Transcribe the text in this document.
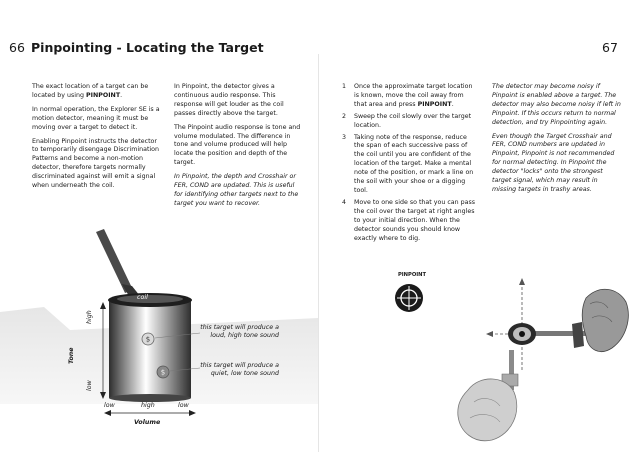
66 Pinpointing - Locating the Target	67

The exact location of a target can be located by using PINPOINT.

In normal operation, the Explorer SE is a motion detector, meaning it must be moving over a target to detect it.

Enabling Pinpoint instructs the detector to temporarily disengage Discrimination Patterns and become a non-motion detector, therefore targets normally discriminated against will emit a signal when underneath the coil.

In Pinpoint, the detector gives a continuous audio response. This response will get louder as the coil passes directly above the target.

The Pinpoint audio response is tone and volume modulated. The difference in tone and volume produced will help locate the position and depth of the target.

In Pinpoint, the depth and Crosshair or FER, COND are updated. This is useful for identifying other targets next to the target you want to recover.

1 Once the approximate target location is known, move the coil away from that area and press PINPOINT.
2 Sweep the coil slowly over the target location.
3 Taking note of the response, reduce the span of each successive pass of the coil until you are confident of the location of the target. Make a mental note of the position, or mark a line on the soil with your shoe or a digging tool.
4 Move to one side so that you can pass the coil over the target at right angles to your initial direction. When the detector sounds you should know exactly where to dig.

The detector may become noisy if Pinpoint is enabled above a target. The detector may also become noisy if left in Pinpoint. If this occurs return to normal detection, and try Pinpointing again.

Even though the Target Crosshair and FER, COND numbers are updated in Pinpoint, Pinpoint is not recommended for normal detecting. In Pinpoint the detector "locks" onto the strongest target signal, which may result in missing targets in trashy areas.

$
$
coil
high
low
Tone
low	high	low
Volume
this target will produce a loud, high tone sound
this target will produce a quiet, low tone sound
PINPOINT
